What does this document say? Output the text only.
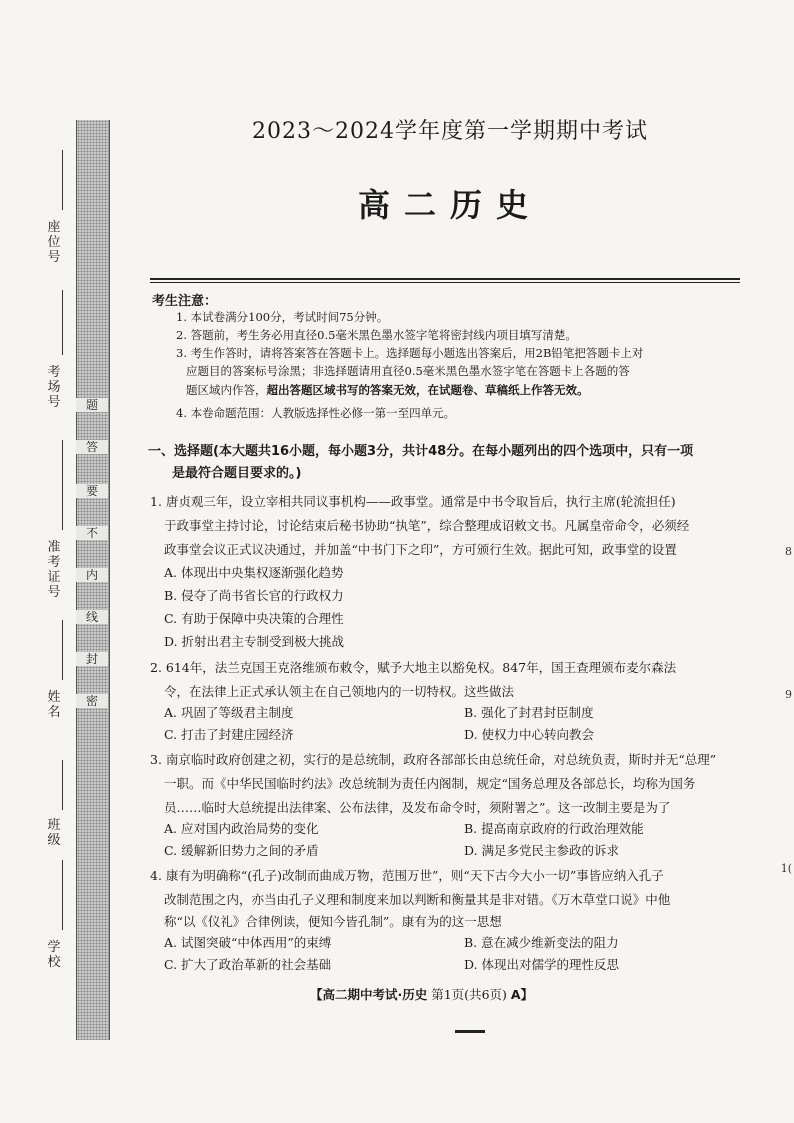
题
答
要
不
内
线
封
密
座位号
考场号
准考证号
姓名
班级
学校
2023～2024学年度第一学期期中考试
高二历史
考生注意：
1. 本试卷满分100分，考试时间75分钟。
2. 答题前，考生务必用直径0.5毫米黑色墨水签字笔将密封线内项目填写清楚。
3. 考生作答时，请将答案答在答题卡上。选择题每小题选出答案后，用2B铅笔把答题卡上对
应题目的答案标号涂黑；非选择题请用直径0.5毫米黑色墨水签字笔在答题卡上各题的答
题区域内作答，超出答题区域书写的答案无效，在试题卷、草稿纸上作答无效。
4. 本卷命题范围：人教版选择性必修一第一至四单元。
一、选择题(本大题共16小题，每小题3分，共计48分。在每小题列出的四个选项中，只有一项
是最符合题目要求的。)
1. 唐贞观三年，设立宰相共同议事机构——政事堂。通常是中书令取旨后，执行主席(轮流担任)
于政事堂主持讨论，讨论结束后秘书协助“执笔”，综合整理成诏敕文书。凡属皇帝命令，必须经
政事堂会议正式议决通过，并加盖“中书门下之印”，方可颁行生效。据此可知，政事堂的设置
A. 体现出中央集权逐渐强化趋势
B. 侵夺了尚书省长官的行政权力
C. 有助于保障中央决策的合理性
D. 折射出君主专制受到极大挑战
2. 614年，法兰克国王克洛维颁布敕令，赋予大地主以豁免权。847年，国王查理颁布麦尔森法
令，在法律上正式承认领主在自己领地内的一切特权。这些做法
A. 巩固了等级君主制度	B. 强化了封君封臣制度
C. 打击了封建庄园经济	D. 使权力中心转向教会
3. 南京临时政府创建之初，实行的是总统制，政府各部部长由总统任命，对总统负责，斯时并无“总理”
一职。而《中华民国临时约法》改总统制为责任内阁制，规定“国务总理及各部总长，均称为国务
员……临时大总统提出法律案、公布法律，及发布命令时，须附署之”。这一改制主要是为了
A. 应对国内政治局势的变化	B. 提高南京政府的行政治理效能
C. 缓解新旧势力之间的矛盾	D. 满足多党民主参政的诉求
4. 康有为明确称“(孔子)改制而曲成万物，范围万世”，则“天下古今大小一切”事皆应纳入孔子
改制范围之内，亦当由孔子义理和制度来加以判断和衡量其是非对错。《万木草堂口说》中他
称“以《仪礼》合律例读，便知今皆孔制”。康有为的这一思想
A. 试图突破“中体西用”的束缚	B. 意在减少维新变法的阻力
C. 扩大了政治革新的社会基础	D. 体现出对儒学的理性反思
【高二期中考试·历史 第1页(共6页) A】
8
9
1(
